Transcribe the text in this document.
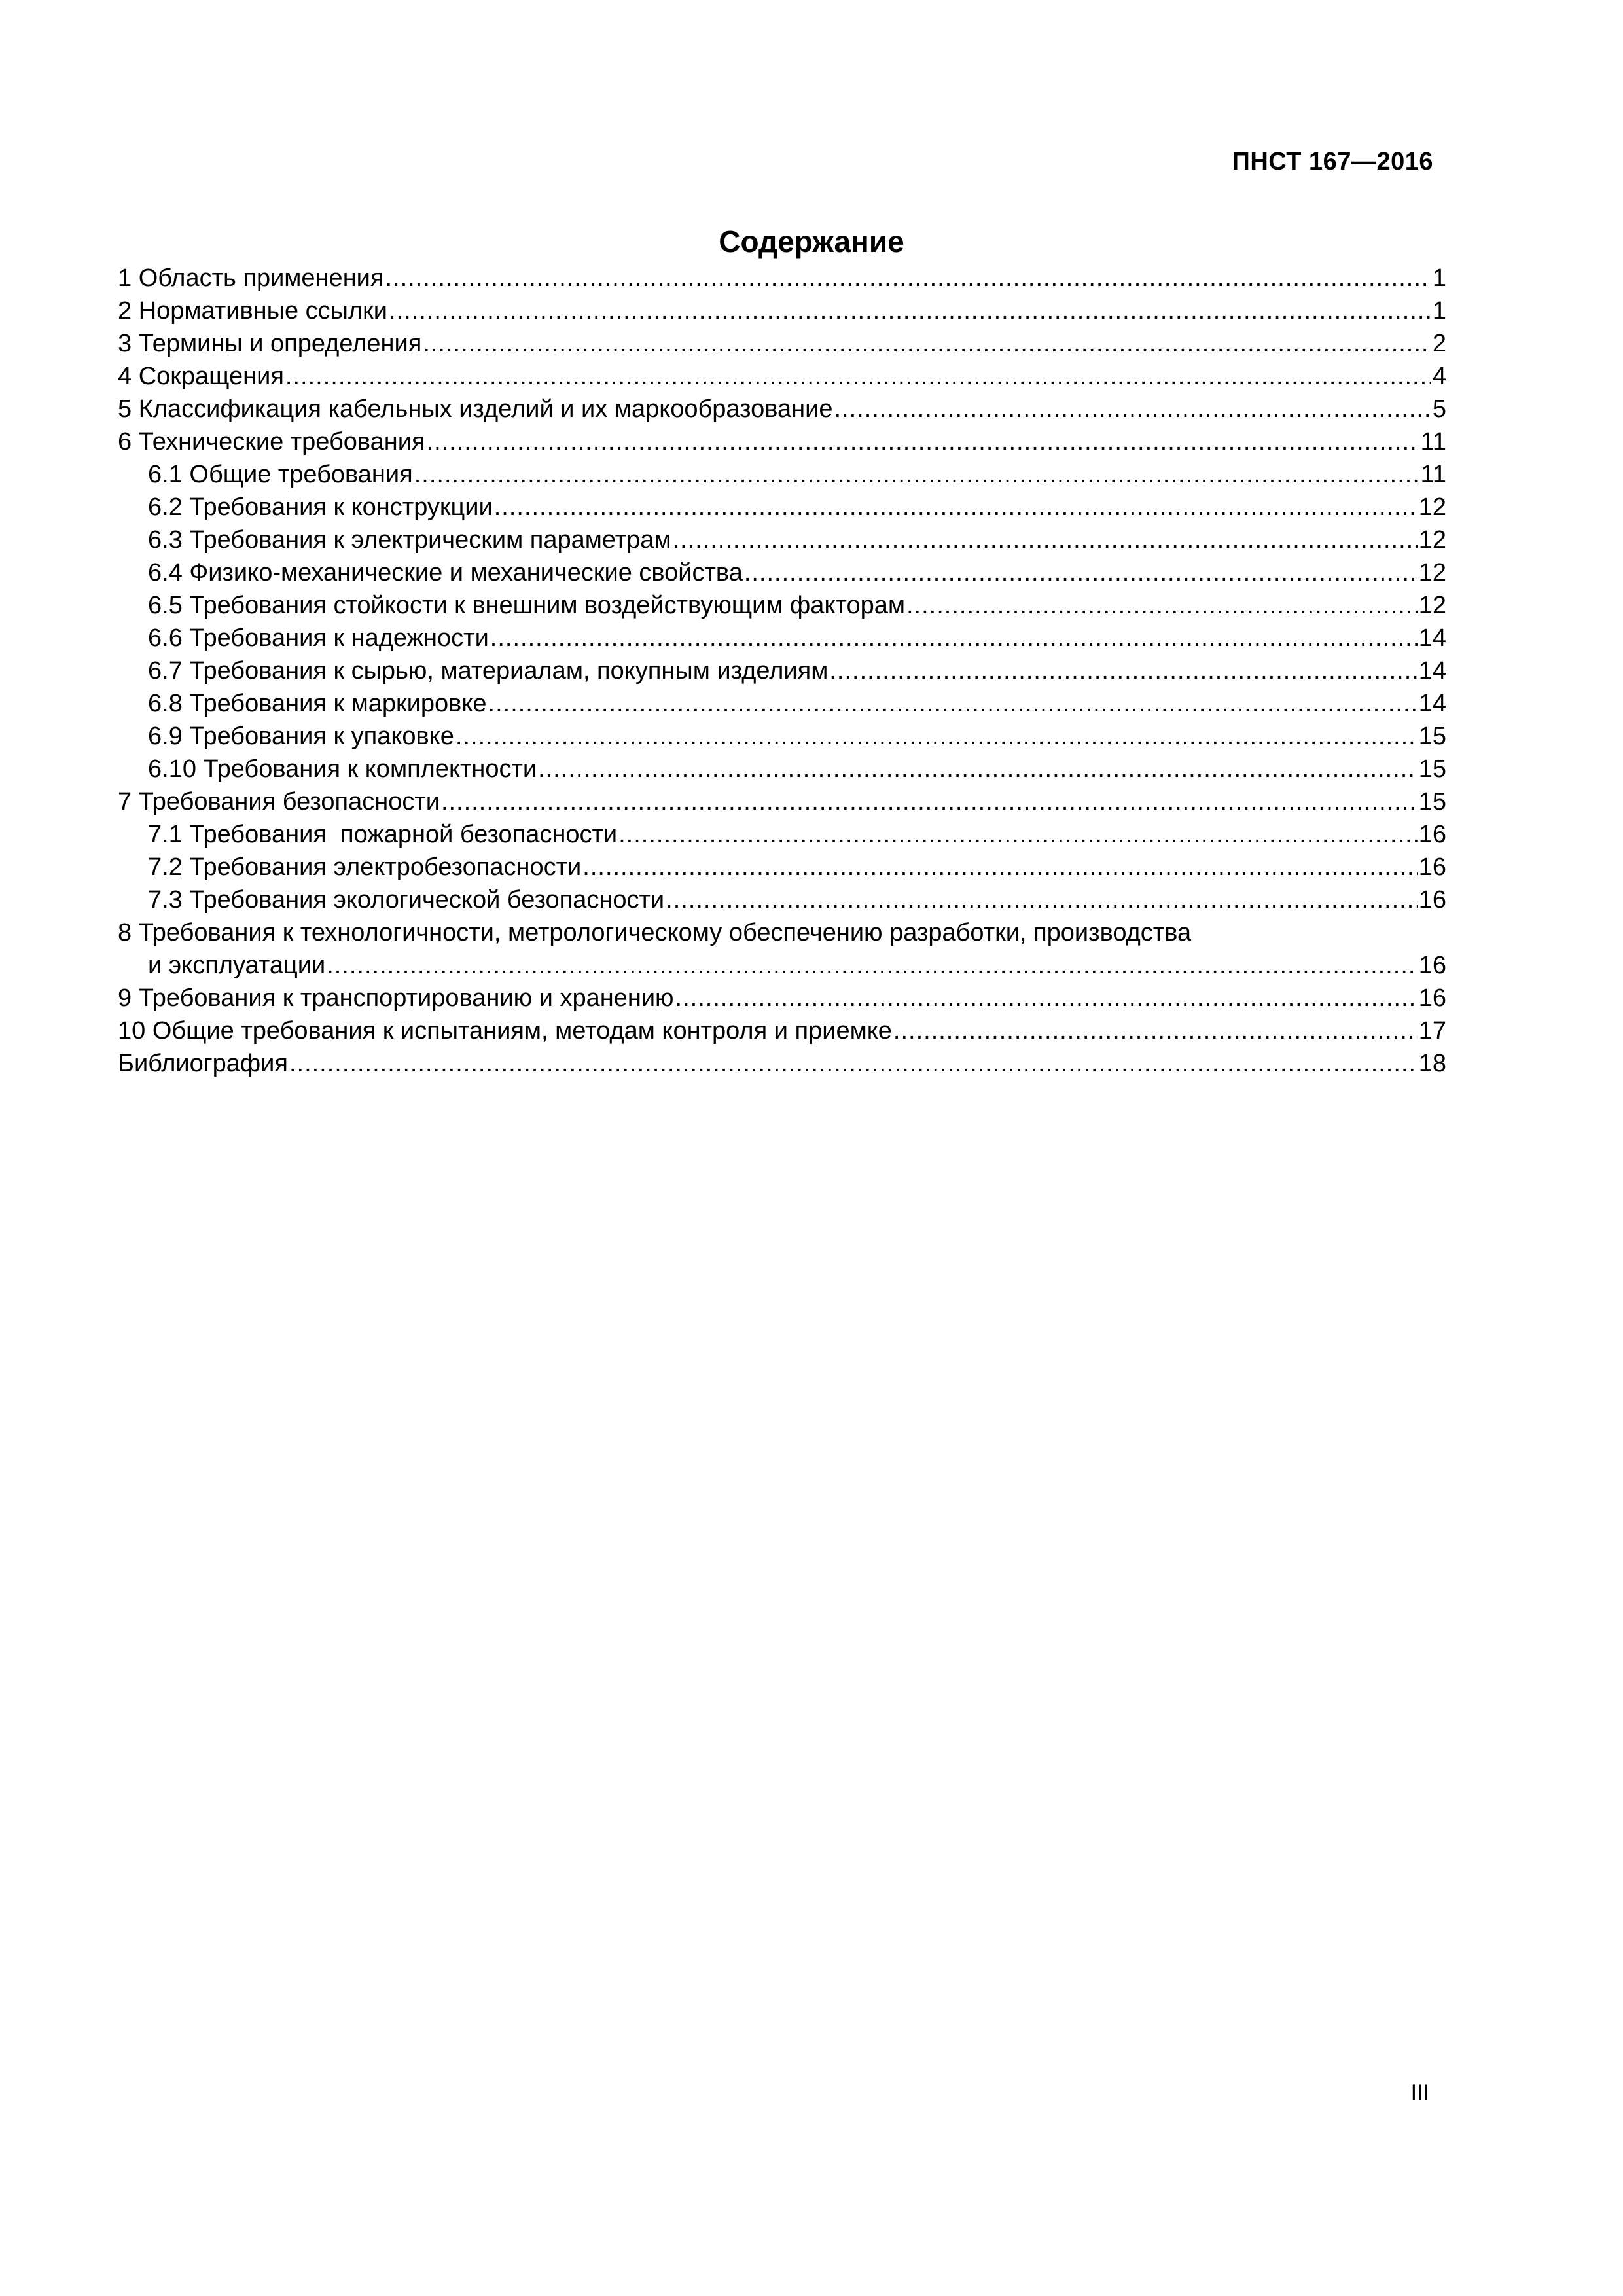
ПНСТ 167—2016
Содержание
1 Область применения .....	1
2 Нормативные ссылки .....	1
3 Термины и определения .....	2
4 Сокращения .....	4
5 Классификация кабельных изделий и их маркообразование .....	5
6 Технические требования .....	11
6.1 Общие требования .....	11
6.2 Требования к конструкции .....	12
6.3 Требования к электрическим параметрам .....	12
6.4 Физико-механические и механические свойства .....	12
6.5 Требования стойкости к внешним воздействующим факторам .....	12
6.6 Требования к надежности .....	14
6.7 Требования к сырью, материалам, покупным изделиям .....	14
6.8 Требования к маркировке .....	14
6.9 Требования к упаковке .....	15
6.10 Требования к комплектности .....	15
7 Требования безопасности .....	15
7.1 Требования  пожарной безопасности .....	16
7.2 Требования электробезопасности .....	16
7.3 Требования экологической безопасности .....	16
8 Требования к технологичности, метрологическому обеспечению разработки, производства
и эксплуатации .....	16
9 Требования к транспортированию и хранению .....	16
10 Общие требования к испытаниям, методам контроля и приемке .....	17
Библиография .....	18
III
